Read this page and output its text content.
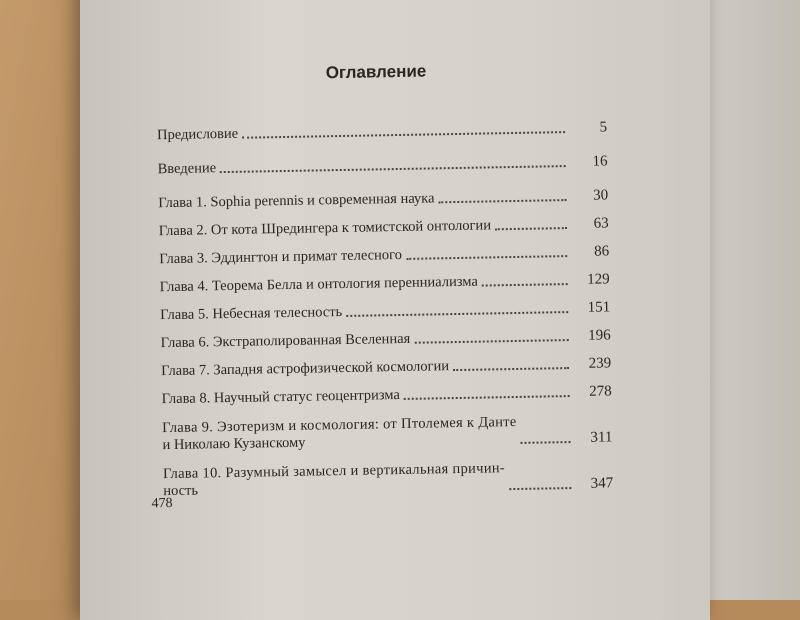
Оглавление
Предисловие	5
Введение	16
Глава 1. Sophia perennis и современная наука	30
Глава 2. От кота Шредингера к томистской онтологии	63
Глава 3. Эддингтон и примат телесного	86
Глава 4. Теорема Белла и онтология перенниализма	129
Глава 5. Небесная телесность	151
Глава 6. Экстраполированная Вселенная	196
Глава 7. Западня астрофизической космологии	239
Глава 8. Научный статус геоцентризма	278
Глава 9. Эзотеризм и космология: от Птолемея к Данте
и Николаю Кузанскому	311
Глава 10. Разумный замысел и вертикальная причин-
ность	347
478
